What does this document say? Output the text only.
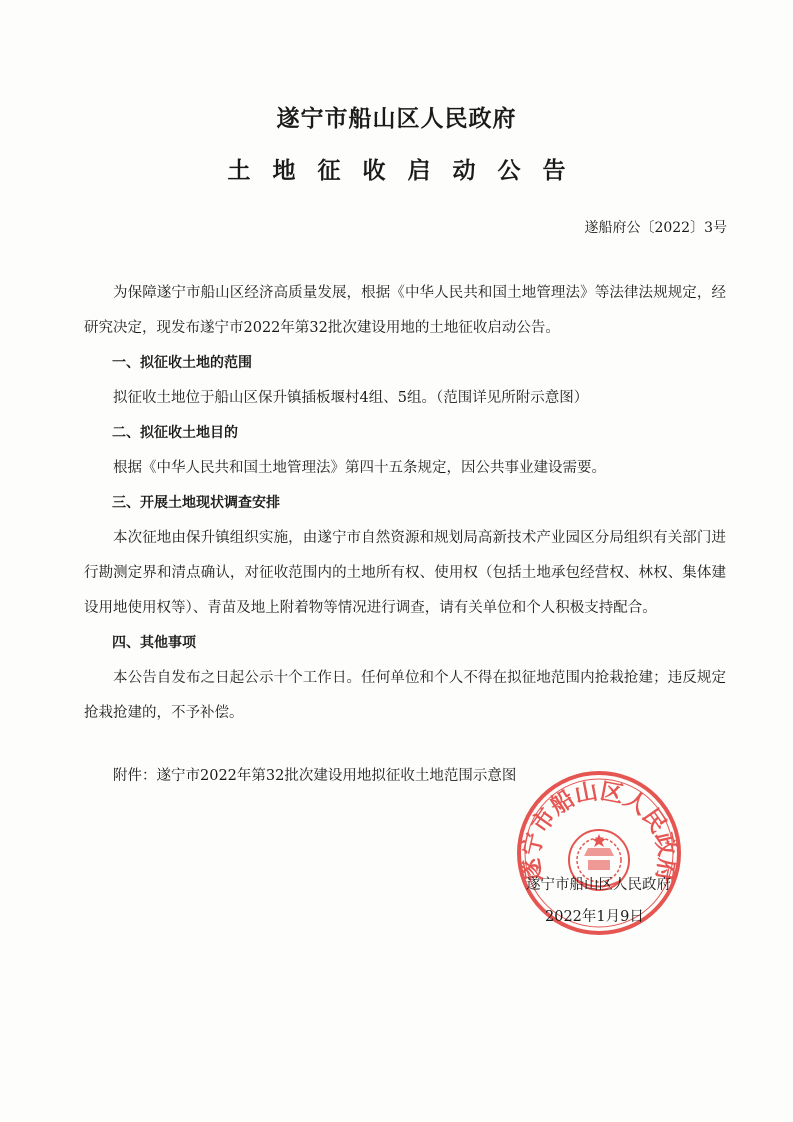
遂宁市船山区人民政府
土地征收启动公告
遂船府公〔2022〕3号

为保障遂宁市船山区经济高质量发展，根据《中华人民共和国土地管理法》等法律法规规定，经研究决定，现发布遂宁市2022年第32批次建设用地的土地征收启动公告。

一、拟征收土地的范围

拟征收土地位于船山区保升镇插板堰村4组、5组。（范围详见所附示意图）

二、拟征收土地目的

根据《中华人民共和国土地管理法》第四十五条规定，因公共事业建设需要。

三、开展土地现状调查安排

本次征地由保升镇组织实施，由遂宁市自然资源和规划局高新技术产业园区分局组织有关部门进行勘测定界和清点确认，对征收范围内的土地所有权、使用权（包括土地承包经营权、林权、集体建设用地使用权等）、青苗及地上附着物等情况进行调查，请有关单位和个人积极支持配合。

四、其他事项

本公告自发布之日起公示十个工作日。任何单位和个人不得在拟征地范围内抢栽抢建；违反规定抢栽抢建的，不予补偿。

附件：遂宁市2022年第32批次建设用地拟征收土地范围示意图

遂宁市船山区人民政府
遂宁市船山区人民政府
2022年1月9日
